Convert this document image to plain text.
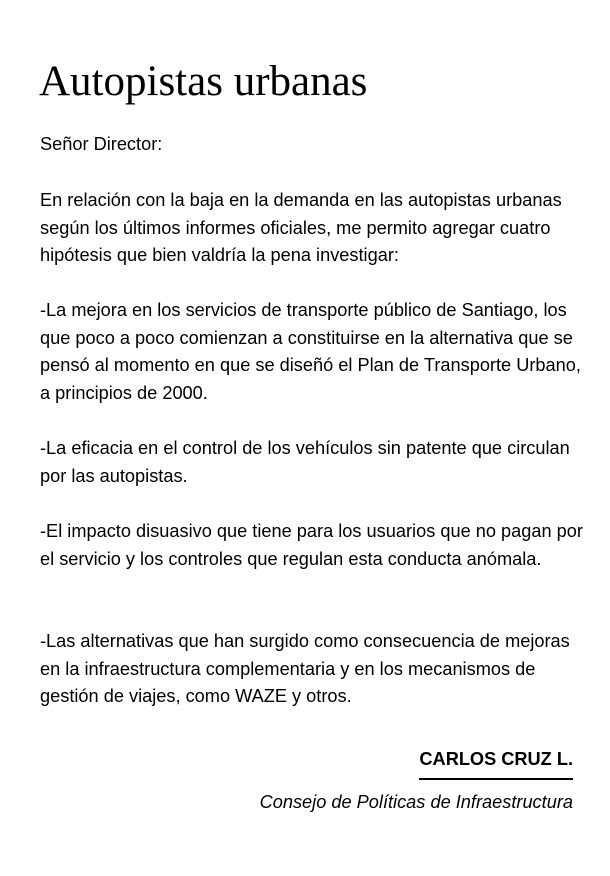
Autopistas urbanas

Señor Director:

En relación con la baja en la demanda en las autopistas urbanas según los últimos informes oficiales, me permito agregar cuatro hipótesis que bien valdría la pena investigar:

-La mejora en los servicios de transporte público de Santiago, los que poco a poco comienzan a constituirse en la alternativa que se pensó al momento en que se diseñó el Plan de Transporte Urbano, a principios de 2000.

-La eficacia en el control de los vehículos sin patente que circulan por las autopistas.

-El impacto disuasivo que tiene para los usuarios que no pagan por el servicio y los controles que regulan esta conducta anómala.

-Las alternativas que han surgido como consecuencia de mejoras en la infraestructura complementaria y en los mecanismos de gestión de viajes, como WAZE y otros.

CARLOS CRUZ L.
Consejo de Políticas de Infraestructura
